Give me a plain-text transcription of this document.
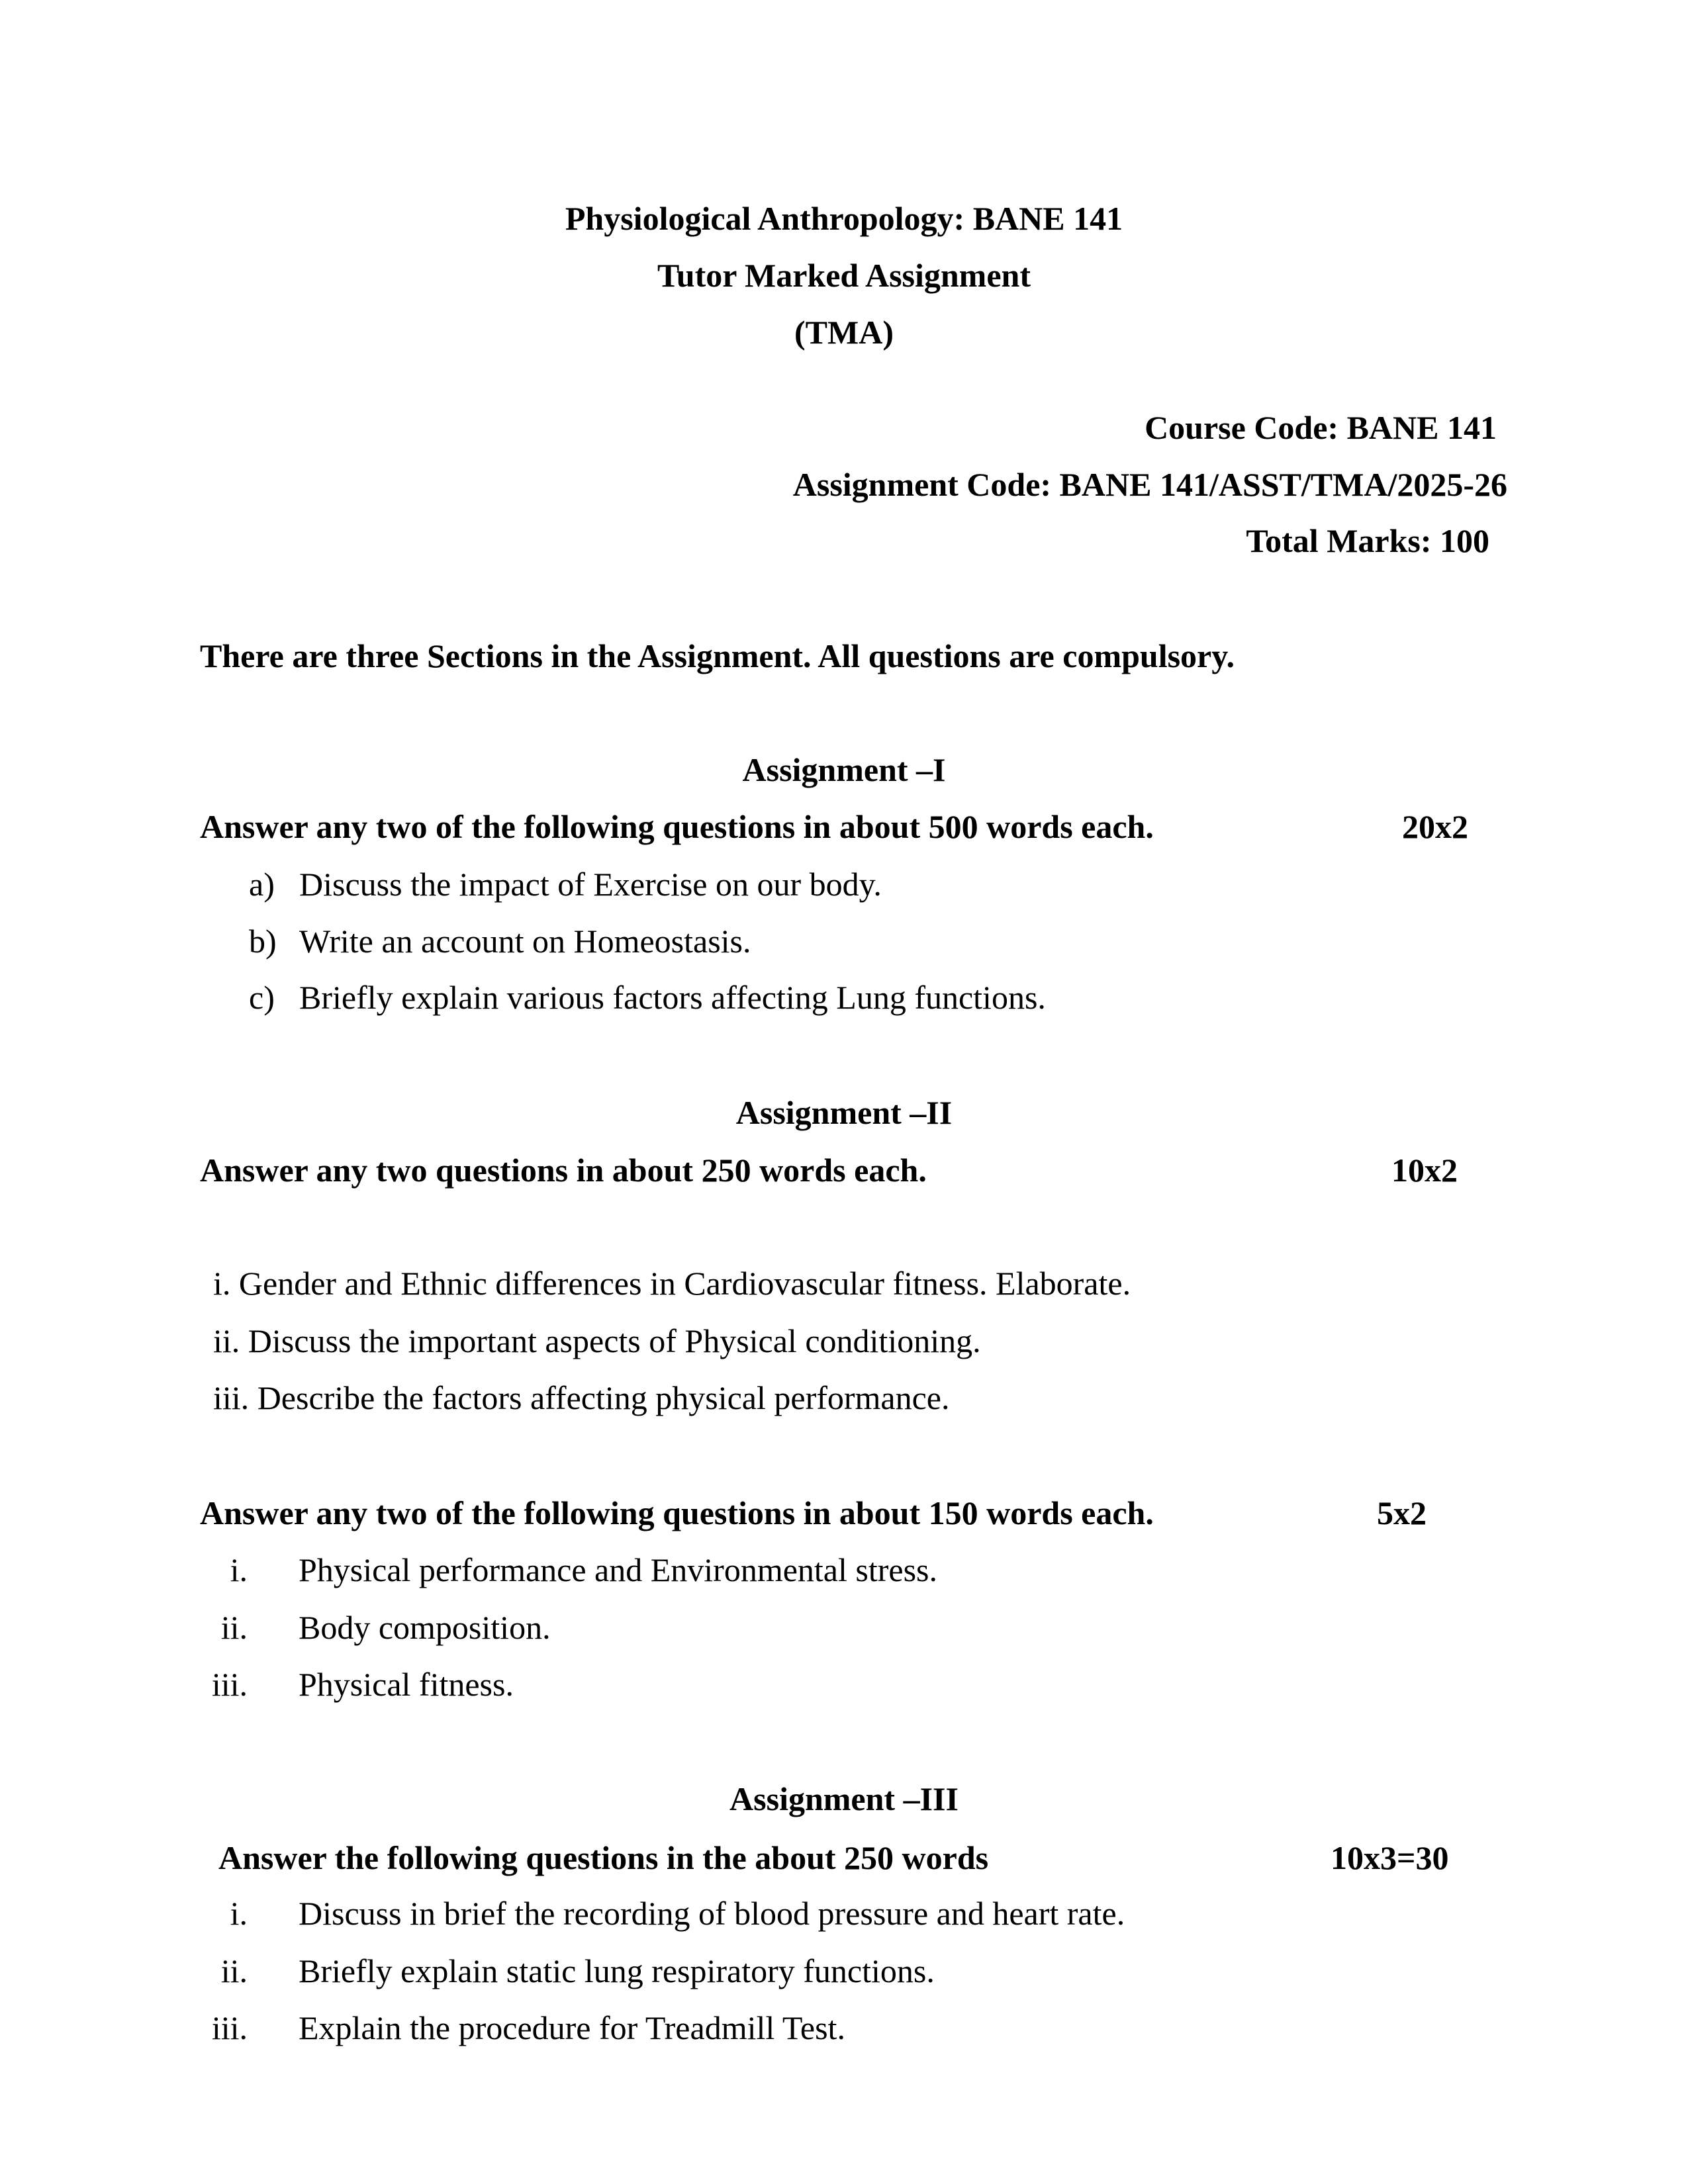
Physiological Anthropology: BANE 141
Tutor Marked Assignment
(TMA)
Course Code: BANE 141
Assignment Code: BANE 141/ASST/TMA/2025-26
Total Marks: 100
There are three Sections in the Assignment. All questions are compulsory.
Assignment –I
Answer any two of the following questions in about 500 words each.	20x2
a) Discuss the impact of Exercise on our body.
b) Write an account on Homeostasis.
c) Briefly explain various factors affecting Lung functions.
Assignment –II
Answer any two questions in about 250 words each.	10x2
i. Gender and Ethnic differences in Cardiovascular fitness. Elaborate.
ii. Discuss the important aspects of Physical conditioning.
iii. Describe the factors affecting physical performance.
Answer any two of the following questions in about 150 words each.	5x2
i. Physical performance and Environmental stress.
ii. Body composition.
iii. Physical fitness.
Assignment –III
Answer the following questions in the about 250 words	10x3=30
i. Discuss in brief the recording of blood pressure and heart rate.
ii. Briefly explain static lung respiratory functions.
iii. Explain the procedure for Treadmill Test.
